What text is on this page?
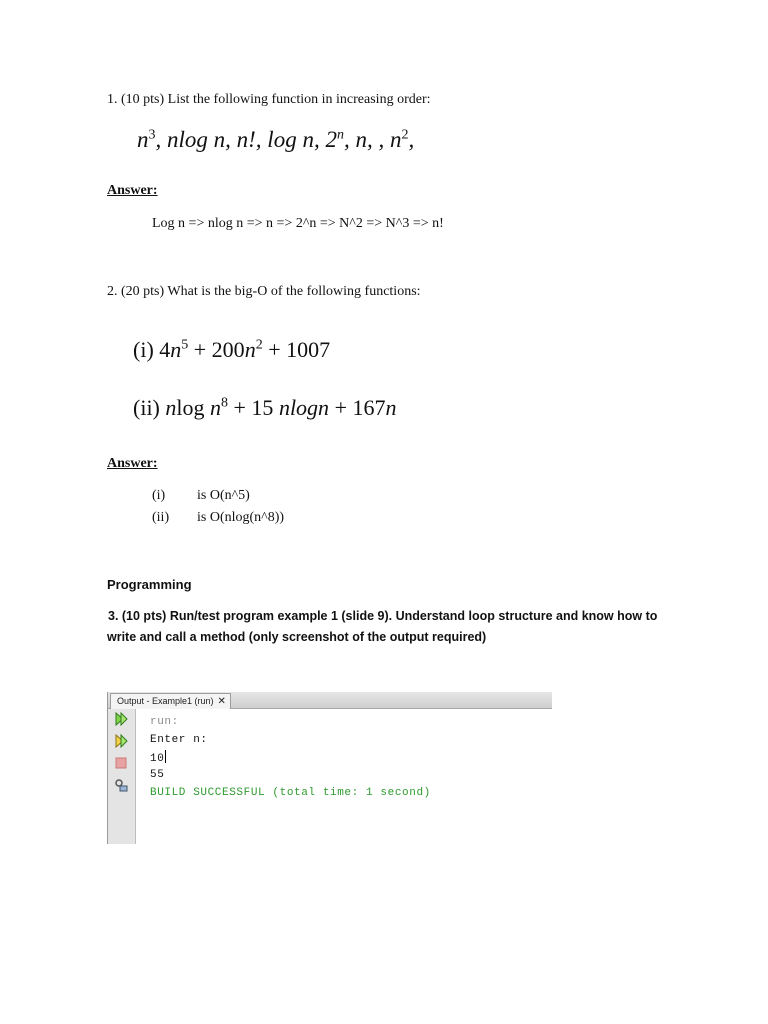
1. (10 pts) List the following function in increasing order:
$n^3$, nlog n, n!, log n, 2$^n$, n, , $n^2$,
Answer:
Log n => nlog n => n => 2^n => N^2 => N^3 => n!
2. (20 pts) What is the big-O of the following functions:
(i) $4n^5 + 200n^2 + 1007$
(ii) nlog $n^8 + 15$ nlogn + 167n
Answer:
(i) is O(n^5)
(ii) is O(nlog(n^8))
Programming
3. (10 pts) Run/test program example 1 (slide 9). Understand loop structure and know how to
write and call a method (only screenshot of the output required)
Output - Example1 (run) ✕
run:
Enter n:
10
55
BUILD SUCCESSFUL (total time: 1 second)
